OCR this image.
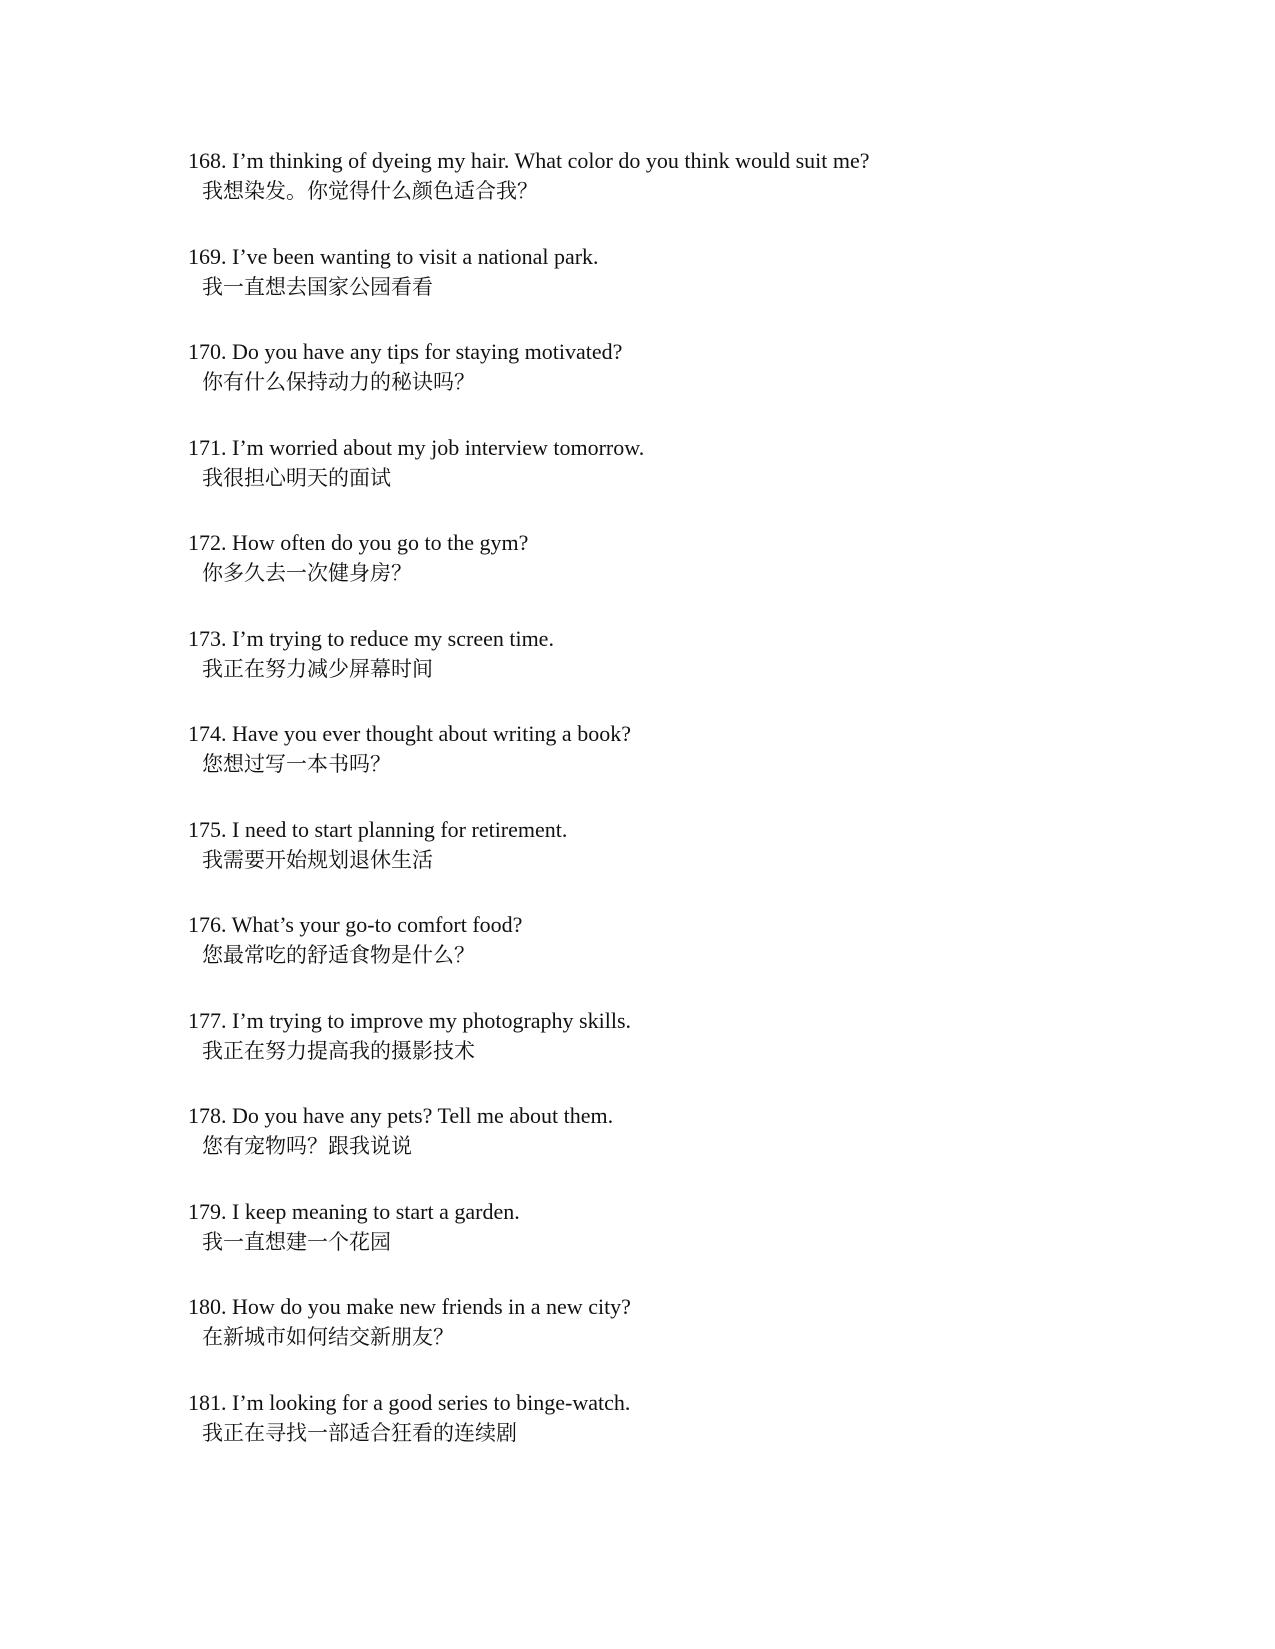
168. I’m thinking of dyeing my hair. What color do you think would suit me?
我想染发。你觉得什么颜色适合我？
169. I’ve been wanting to visit a national park.
我一直想去国家公园看看
170. Do you have any tips for staying motivated?
你有什么保持动力的秘诀吗？
171. I’m worried about my job interview tomorrow.
我很担心明天的面试
172. How often do you go to the gym?
你多久去一次健身房？
173. I’m trying to reduce my screen time.
我正在努力减少屏幕时间
174. Have you ever thought about writing a book?
您想过写一本书吗？
175. I need to start planning for retirement.
我需要开始规划退休生活
176. What’s your go-to comfort food?
您最常吃的舒适食物是什么？
177. I’m trying to improve my photography skills.
我正在努力提高我的摄影技术
178. Do you have any pets? Tell me about them.
您有宠物吗？跟我说说
179. I keep meaning to start a garden.
我一直想建一个花园
180. How do you make new friends in a new city?
在新城市如何结交新朋友？
181. I’m looking for a good series to binge-watch.
我正在寻找一部适合狂看的连续剧
